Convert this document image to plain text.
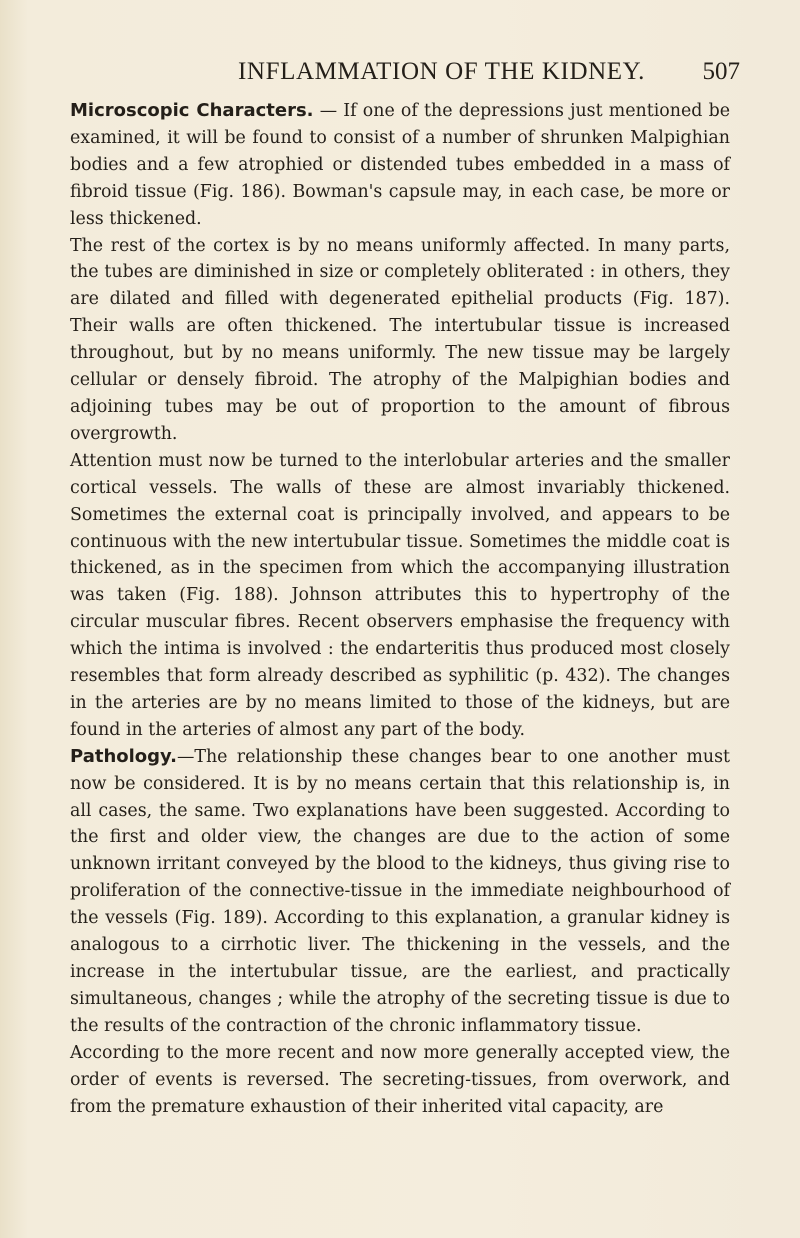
INFLAMMATION OF THE KIDNEY. 507

Microscopic Characters. — If one of the depressions just mentioned be examined, it will be found to consist of a number of shrunken Malpighian bodies and a few atrophied or distended tubes embedded in a mass of fibroid tissue (Fig. 186). Bowman's capsule may, in each case, be more or less thickened.

The rest of the cortex is by no means uniformly affected. In many parts, the tubes are diminished in size or completely obliterated : in others, they are dilated and filled with degenerated epithelial products (Fig. 187). Their walls are often thickened. The intertubular tissue is increased throughout, but by no means uniformly. The new tissue may be largely cellular or densely fibroid. The atrophy of the Malpighian bodies and adjoining tubes may be out of proportion to the amount of fibrous overgrowth.

Attention must now be turned to the interlobular arteries and the smaller cortical vessels. The walls of these are almost invariably thickened. Sometimes the external coat is principally involved, and appears to be continuous with the new intertubular tissue. Sometimes the middle coat is thickened, as in the specimen from which the accompanying illustration was taken (Fig. 188). Johnson attributes this to hypertrophy of the circular muscular fibres. Recent observers emphasise the frequency with which the intima is involved : the endarteritis thus produced most closely resembles that form already described as syphilitic (p. 432). The changes in the arteries are by no means limited to those of the kidneys, but are found in the arteries of almost any part of the body.

Pathology.—The relationship these changes bear to one another must now be considered. It is by no means certain that this relationship is, in all cases, the same. Two explanations have been suggested. According to the first and older view, the changes are due to the action of some unknown irritant conveyed by the blood to the kidneys, thus giving rise to proliferation of the connective-tissue in the immediate neighbourhood of the vessels (Fig. 189). According to this explanation, a granular kidney is analogous to a cirrhotic liver. The thickening in the vessels, and the increase in the intertubular tissue, are the earliest, and practically simultaneous, changes ; while the atrophy of the secreting tissue is due to the results of the contraction of the chronic inflammatory tissue.

According to the more recent and now more generally accepted view, the order of events is reversed. The secreting-tissues, from overwork, and from the premature exhaustion of their inherited vital capacity, are
